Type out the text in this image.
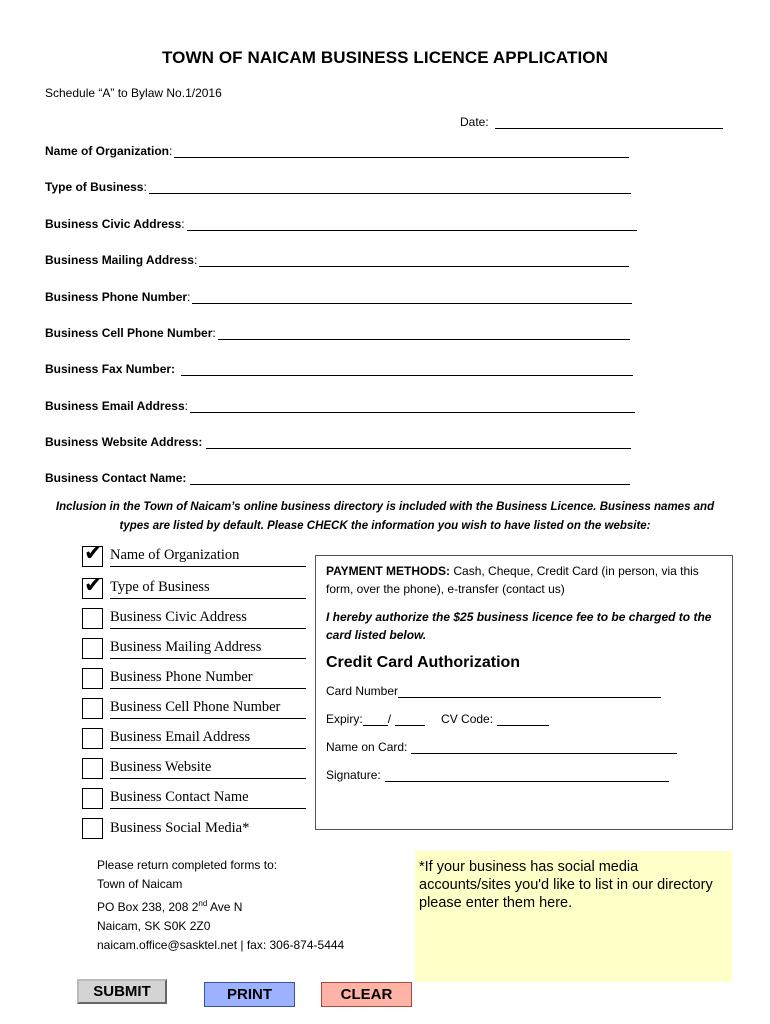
TOWN OF NAICAM BUSINESS LICENCE APPLICATION
Schedule “A” to Bylaw No.1/2016
Date:
Name of Organization :
Type of Business :
Business Civic Address :
Business Mailing Address :
Business Phone Number :
Business Cell Phone Number :
Business Fax Number:
Business Email Address :
Business Website Address:
Business Contact Name:
Inclusion in the Town of Naicam’s online business directory is included with the Business Licence. Business names and
types are listed by default. Please CHECK the information you wish to have listed on the website:
✔ Name of Organization
✔ Type of Business
Business Civic Address
Business Mailing Address
Business Phone Number
Business Cell Phone Number
Business Email Address
Business Website
Business Contact Name
Business Social Media*
PAYMENT METHODS: Cash, Cheque, Credit Card (in person, via this form, over the phone), e-transfer (contact us)
I hereby authorize the $25 business licence fee to be charged to the card listed below.
Credit Card Authorization
Card Number
Expiry: /	CV Code:
Name on Card:
Signature:
Please return completed forms to:
Town of Naicam
PO Box 238, 208 2nd Ave N
Naicam, SK S0K 2Z0
naicam.office@sasktel.net | fax: 306-874-5444
*If your business has social media accounts/sites you'd like to list in our directory please enter them here.
SUBMIT	PRINT	CLEAR
